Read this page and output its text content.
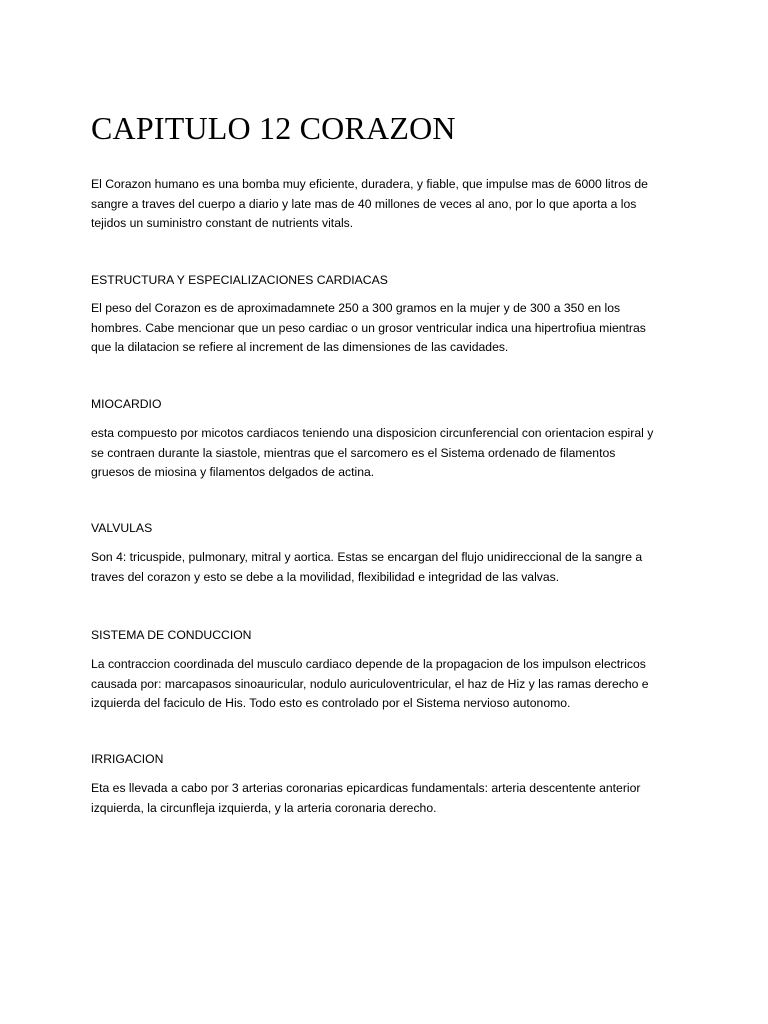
CAPITULO 12 CORAZON

El Corazon humano es una bomba muy eficiente, duradera, y fiable, que impulse mas de 6000 litros de
sangre a traves del cuerpo a diario y late mas de 40 millones de veces al ano, por lo que aporta a los
tejidos un suministro constant de nutrients vitals.

ESTRUCTURA Y ESPECIALIZACIONES CARDIACAS

El peso del Corazon es de aproximadamnete 250 a 300 gramos en la mujer y de 300 a 350 en los
hombres. Cabe mencionar que un peso cardiac o un grosor ventricular indica una hipertrofiua mientras
que la dilatacion se refiere al increment de las dimensiones de las cavidades.

MIOCARDIO

esta compuesto por micotos cardiacos teniendo una disposicion circunferencial con orientacion espiral y
se contraen durante la siastole, mientras que el sarcomero es el Sistema ordenado de filamentos
gruesos de miosina y filamentos delgados de actina.

VALVULAS

Son 4: tricuspide, pulmonary, mitral y aortica. Estas se encargan del flujo unidireccional de la sangre a
traves del corazon y esto se debe a la movilidad, flexibilidad e integridad de las valvas.

SISTEMA DE CONDUCCION

La contraccion coordinada del musculo cardiaco depende de la propagacion de los impulson electricos
causada por: marcapasos sinoauricular, nodulo auriculoventricular, el haz de Hiz y las ramas derecho e
izquierda del faciculo de His. Todo esto es controlado por el Sistema nervioso autonomo.

IRRIGACION

Eta es llevada a cabo por 3 arterias coronarias epicardicas fundamentals: arteria descentente anterior
izquierda, la circunfleja izquierda, y la arteria coronaria derecho.
